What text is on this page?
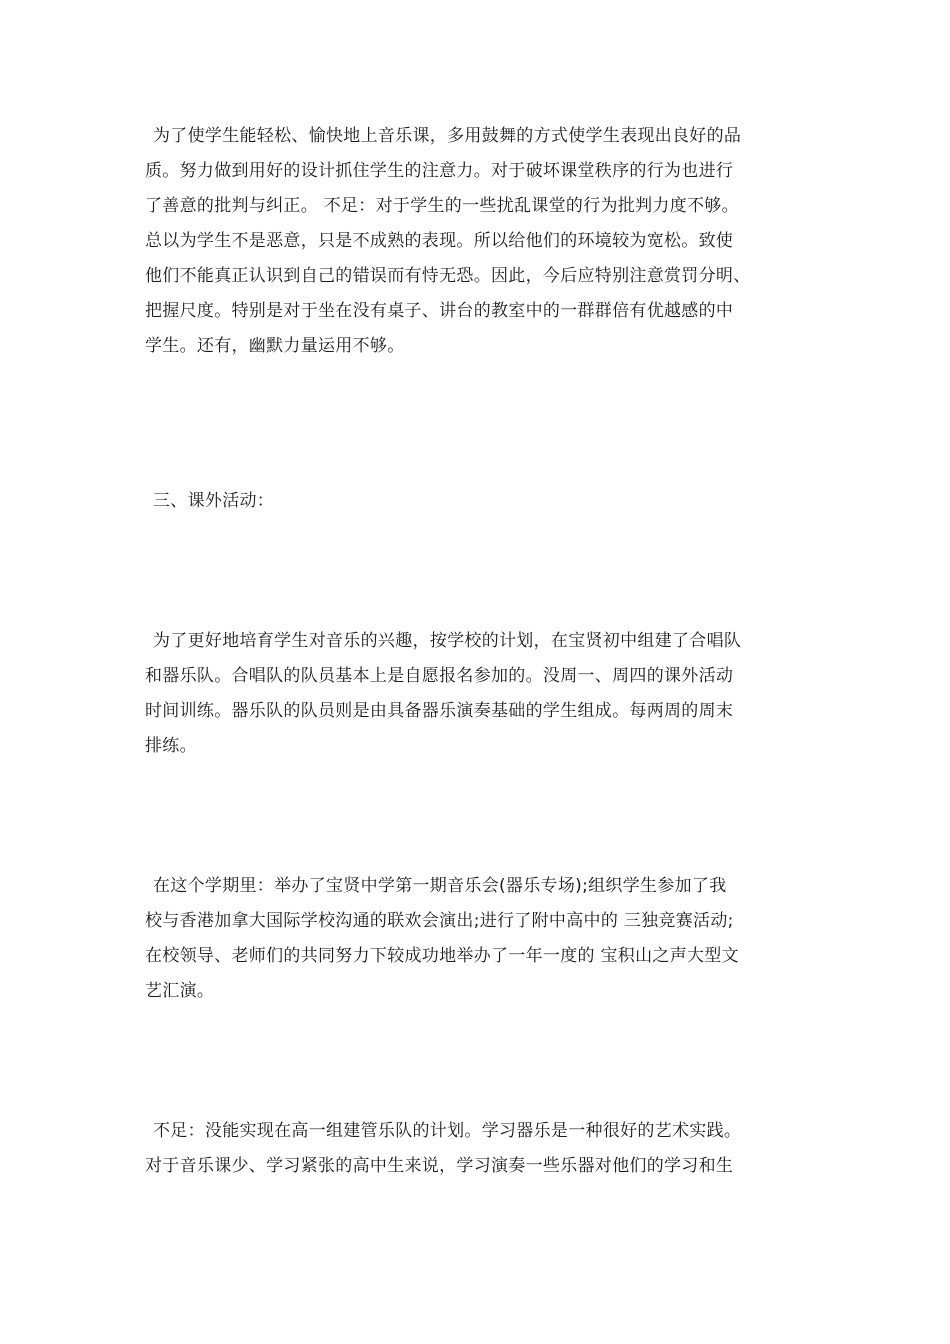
为了使学生能轻松、愉快地上音乐课，多用鼓舞的方式使学生表现出良好的品
质。努力做到用好的设计抓住学生的注意力。对于破坏课堂秩序的行为也进行
了善意的批判与纠正。 不足：对于学生的一些扰乱课堂的行为批判力度不够。
总以为学生不是恶意，只是不成熟的表现。所以给他们的环境较为宽松。致使
他们不能真正认识到自己的错误而有恃无恐。因此，今后应特别注意赏罚分明、
把握尺度。特别是对于坐在没有桌子、讲台的教室中的一群群倍有优越感的中
学生。还有，幽默力量运用不够。

三、课外活动：

为了更好地培育学生对音乐的兴趣，按学校的计划，在宝贤初中组建了合唱队
和器乐队。合唱队的队员基本上是自愿报名参加的。没周一、周四的课外活动
时间训练。器乐队的队员则是由具备器乐演奏基础的学生组成。每两周的周末
排练。

在这个学期里：举办了宝贤中学第一期音乐会(器乐专场);组织学生参加了我
校与香港加拿大国际学校沟通的联欢会演出;进行了附中高中的 三独竞赛活动;
在校领导、老师们的共同努力下较成功地举办了一年一度的 宝积山之声大型文
艺汇演。

不足：没能实现在高一组建管乐队的计划。学习器乐是一种很好的艺术实践。
对于音乐课少、学习紧张的高中生来说，学习演奏一些乐器对他们的学习和生
